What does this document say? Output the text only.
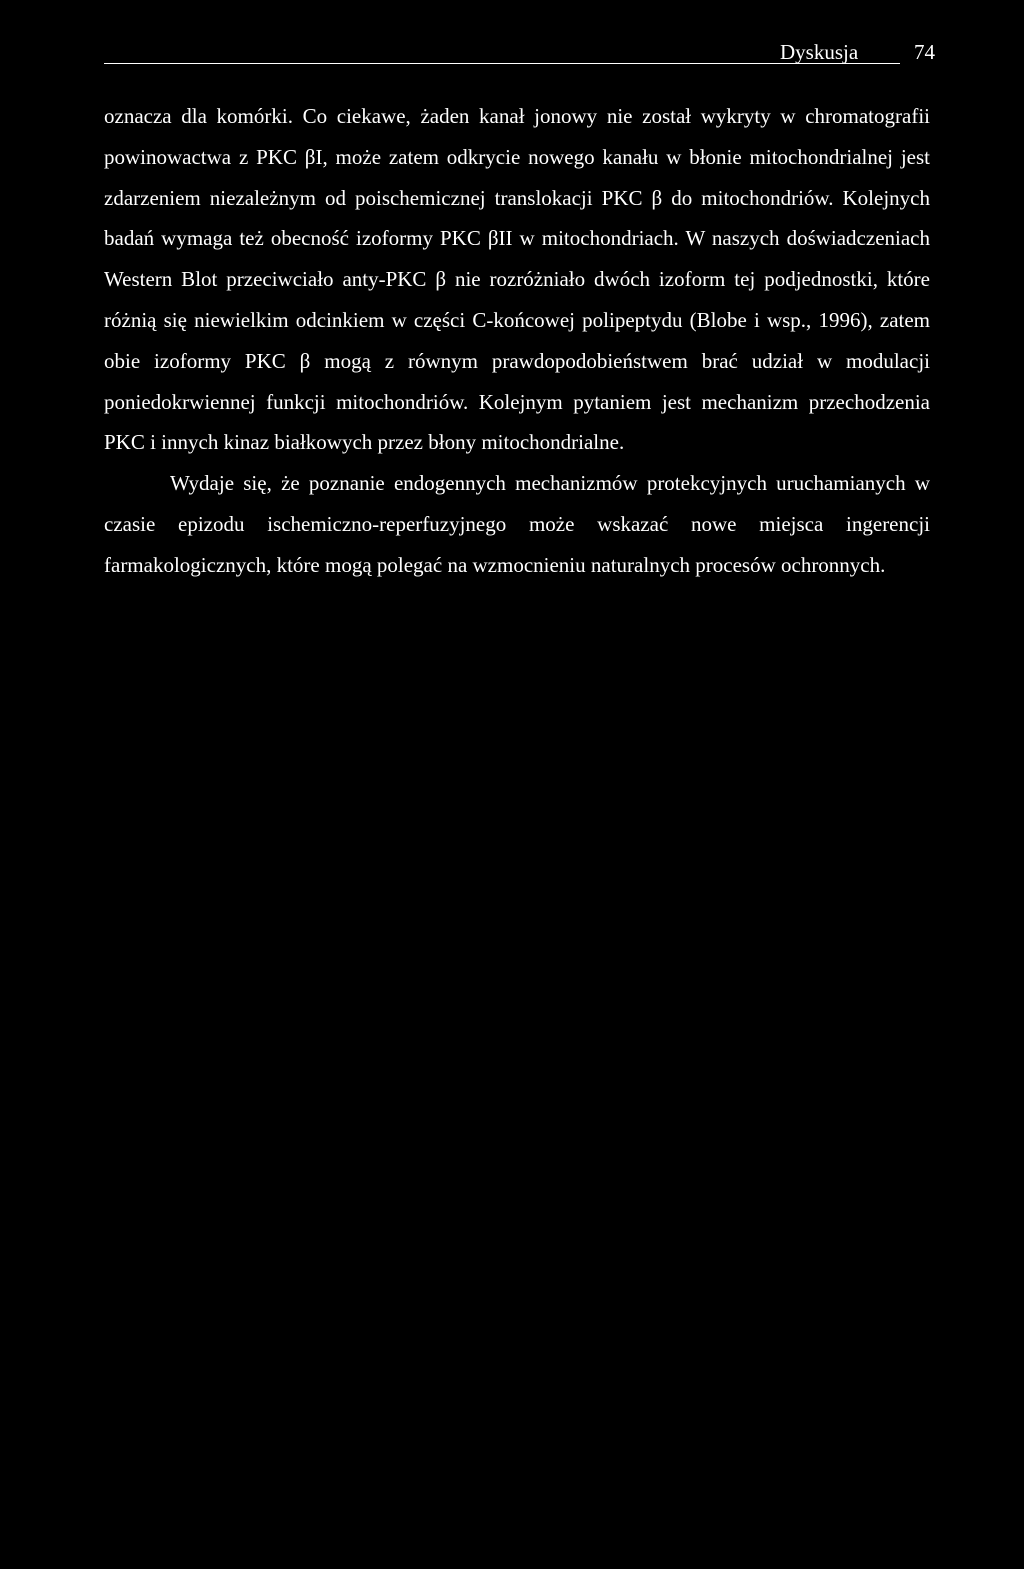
Dyskusja	74

oznacza dla komórki. Co ciekawe, żaden kanał jonowy nie został wykryty w chromatografii powinowactwa z PKC βI, może zatem odkrycie nowego kanału w błonie mitochondrialnej jest zdarzeniem niezależnym od poischemicznej translokacji PKC β do mitochondriów. Kolejnych badań wymaga też obecność izoformy PKC βII w mitochondriach. W naszych doświadczeniach Western Blot przeciwciało anty-PKC β nie rozróżniało dwóch izoform tej podjednostki, które różnią się niewielkim odcinkiem w części C-końcowej polipeptydu (Blobe i wsp., 1996), zatem obie izoformy PKC β mogą z równym prawdopodobieństwem brać udział w modulacji poniedokrwiennej funkcji mitochondriów. Kolejnym pytaniem jest mechanizm przechodzenia PKC i innych kinaz białkowych przez błony mitochondrialne.

Wydaje się, że poznanie endogennych mechanizmów protekcyjnych uruchamianych w czasie epizodu ischemiczno-reperfuzyjnego może wskazać nowe miejsca ingerencji farmakologicznych, które mogą polegać na wzmocnieniu naturalnych procesów ochronnych.
